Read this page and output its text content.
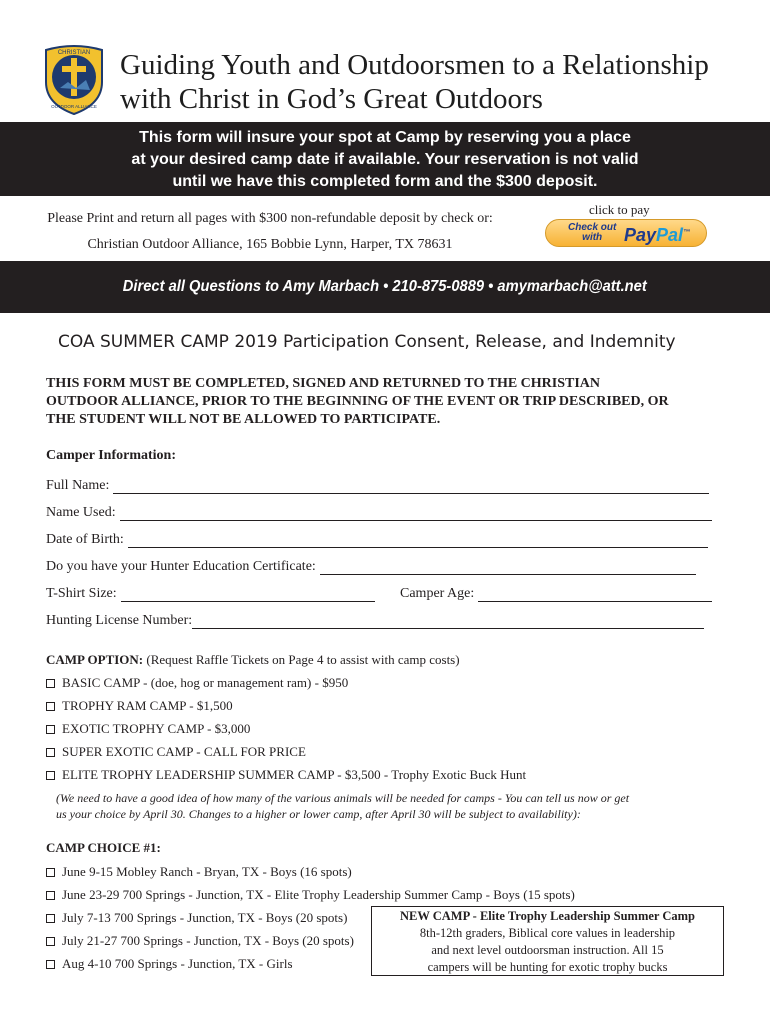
CHRISTIAN
OUTDOOR ALLIANCE
Guiding Youth and Outdoorsmen to a Relationship
with Christ in God’s Great Outdoors
This form will insure your spot at Camp by reserving you a place
at your desired camp date if available. Your reservation is not valid
until we have this completed form and the $300 deposit.
Please Print and return all pages with $300 non-refundable deposit by check or:
Christian Outdoor Alliance, 165 Bobbie Lynn, Harper, TX 78631
click to pay
Check out
with	PayPal™
Direct all Questions to Amy Marbach • 210-875-0889 • amymarbach@att.net
COA SUMMER CAMP 2019 Participation Consent, Release, and Indemnity
THIS FORM MUST BE COMPLETED, SIGNED AND RETURNED TO THE CHRISTIAN
OUTDOOR ALLIANCE, PRIOR TO THE BEGINNING OF THE EVENT OR TRIP DESCRIBED, OR
THE STUDENT WILL NOT BE ALLOWED TO PARTICIPATE.
Camper Information:
Full Name:
Name Used:
Date of Birth:
Do you have your Hunter Education Certificate:
T-Shirt Size:	Camper Age:
Hunting License Number:
CAMP OPTION: (Request Raffle Tickets on Page 4 to assist with camp costs)
BASIC CAMP - (doe, hog or management ram) - $950
TROPHY RAM CAMP - $1,500
EXOTIC TROPHY CAMP - $3,000
SUPER EXOTIC CAMP - CALL FOR PRICE
ELITE TROPHY LEADERSHIP SUMMER CAMP - $3,500 - Trophy Exotic Buck Hunt
(We need to have a good idea of how many of the various animals will be needed for camps - You can tell us now or get
us your choice by April 30. Changes to a higher or lower camp, after April 30 will be subject to availability):
CAMP CHOICE #1:
June 9-15 Mobley Ranch - Bryan, TX - Boys (16 spots)
June 23-29 700 Springs - Junction, TX - Elite Trophy Leadership Summer Camp - Boys (15 spots)
July 7-13 700 Springs - Junction, TX - Boys (20 spots)
July 21-27 700 Springs - Junction, TX - Boys (20 spots)
Aug 4-10 700 Springs - Junction, TX - Girls
NEW CAMP - Elite Trophy Leadership Summer Camp
8th-12th graders, Biblical core values in leadership
and next level outdoorsman instruction. All 15
campers will be hunting for exotic trophy bucks
